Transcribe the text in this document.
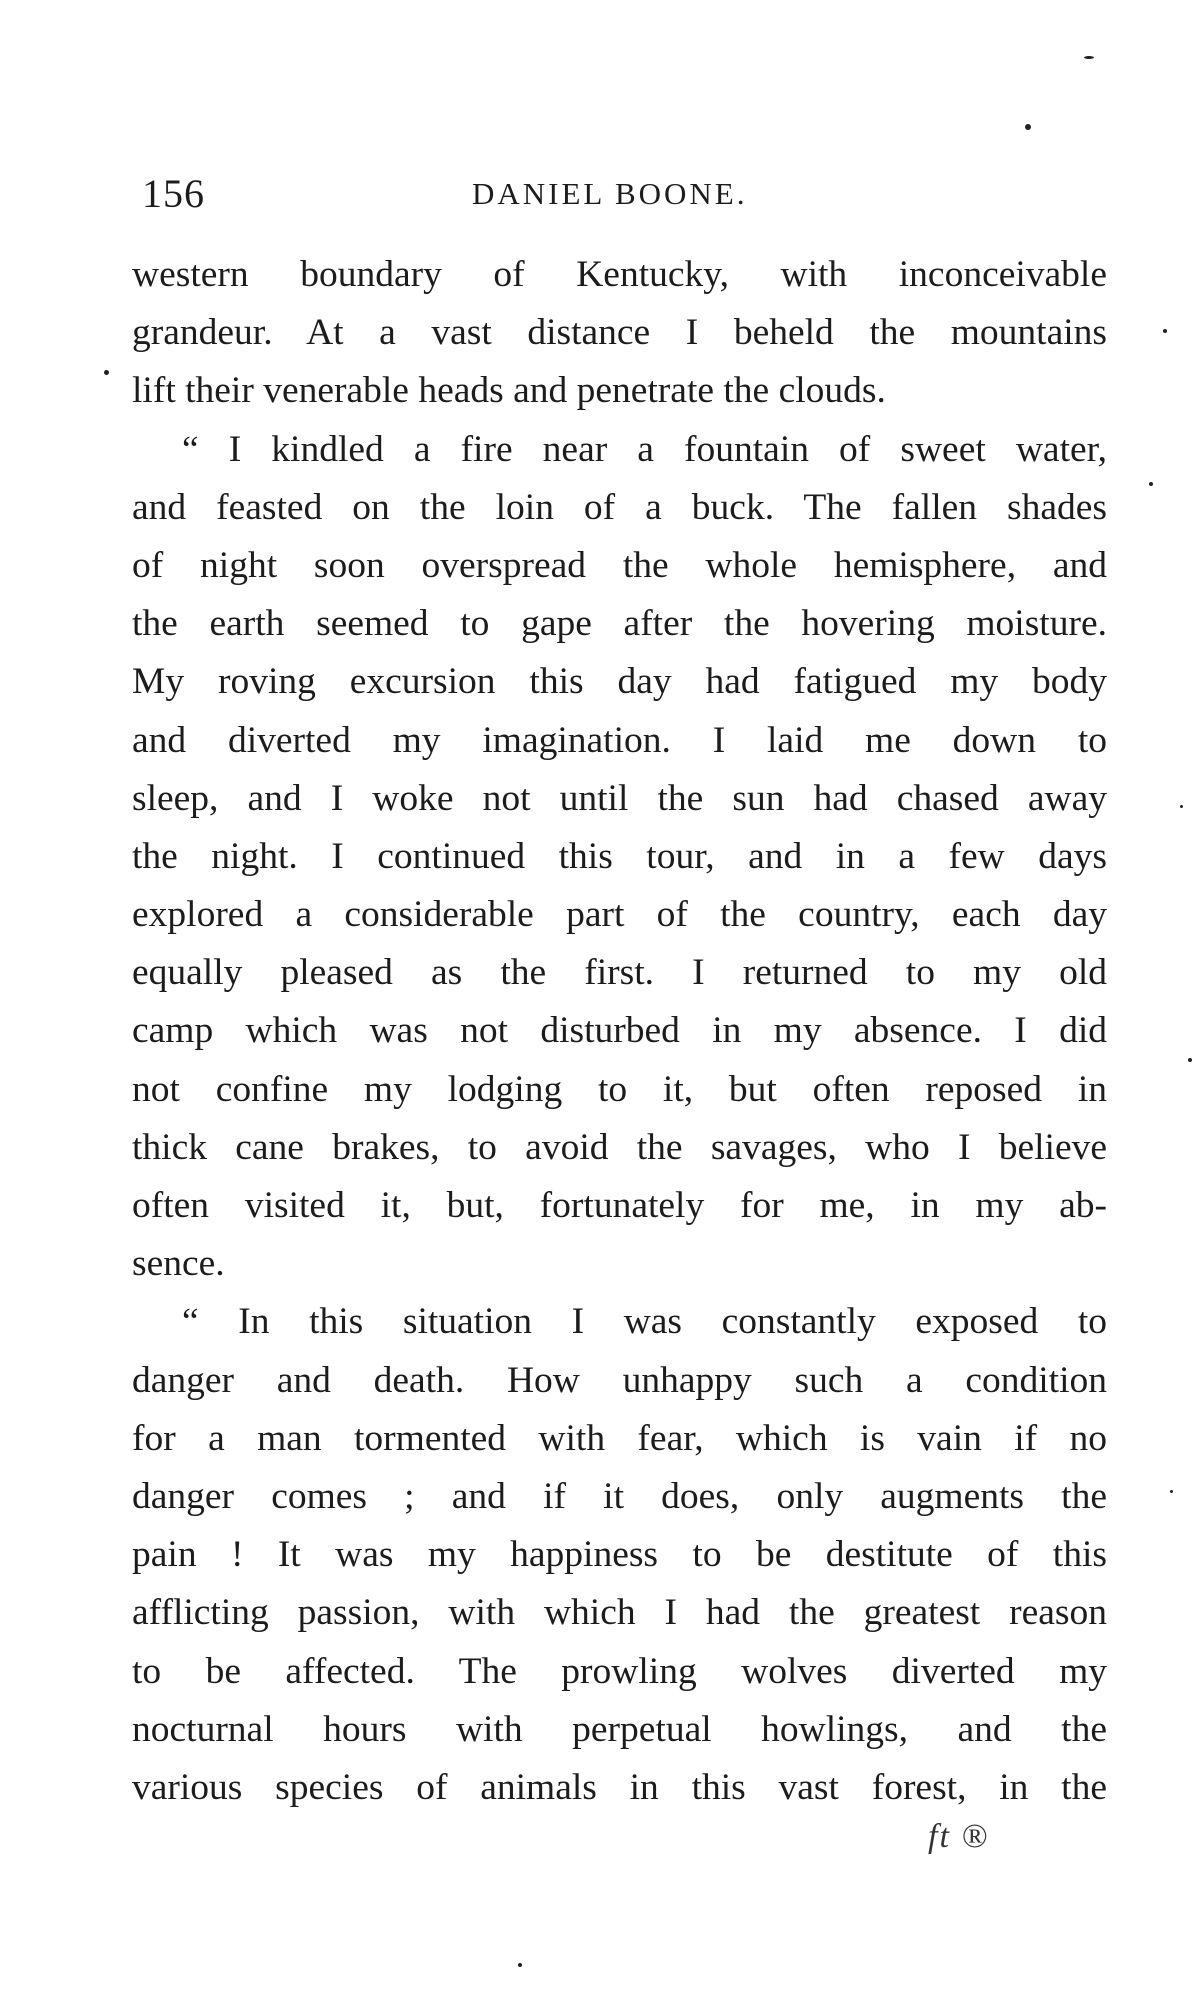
156	DANIEL BOONE.
western boundary of Kentucky, with inconceivable
grandeur. At a vast distance I beheld the mountains
lift their venerable heads and penetrate the clouds.
“ I kindled a fire near a fountain of sweet water,
and feasted on the loin of a buck. The fallen shades
of night soon overspread the whole hemisphere, and
the earth seemed to gape after the hovering moisture.
My roving excursion this day had fatigued my body
and diverted my imagination. I laid me down to
sleep, and I woke not until the sun had chased away
the night. I continued this tour, and in a few days
explored a considerable part of the country, each day
equally pleased as the first. I returned to my old
camp which was not disturbed in my absence. I did
not confine my lodging to it, but often reposed in
thick cane brakes, to avoid the savages, who I believe
often visited it, but, fortunately for me, in my ab-
sence.
“ In this situation I was constantly exposed to
danger and death. How unhappy such a condition
for a man tormented with fear, which is vain if no
danger comes ; and if it does, only augments the
pain ! It was my happiness to be destitute of this
afflicting passion, with which I had the greatest reason
to be affected. The prowling wolves diverted my
nocturnal hours with perpetual howlings, and the
various species of animals in this vast forest, in the
ft ®
